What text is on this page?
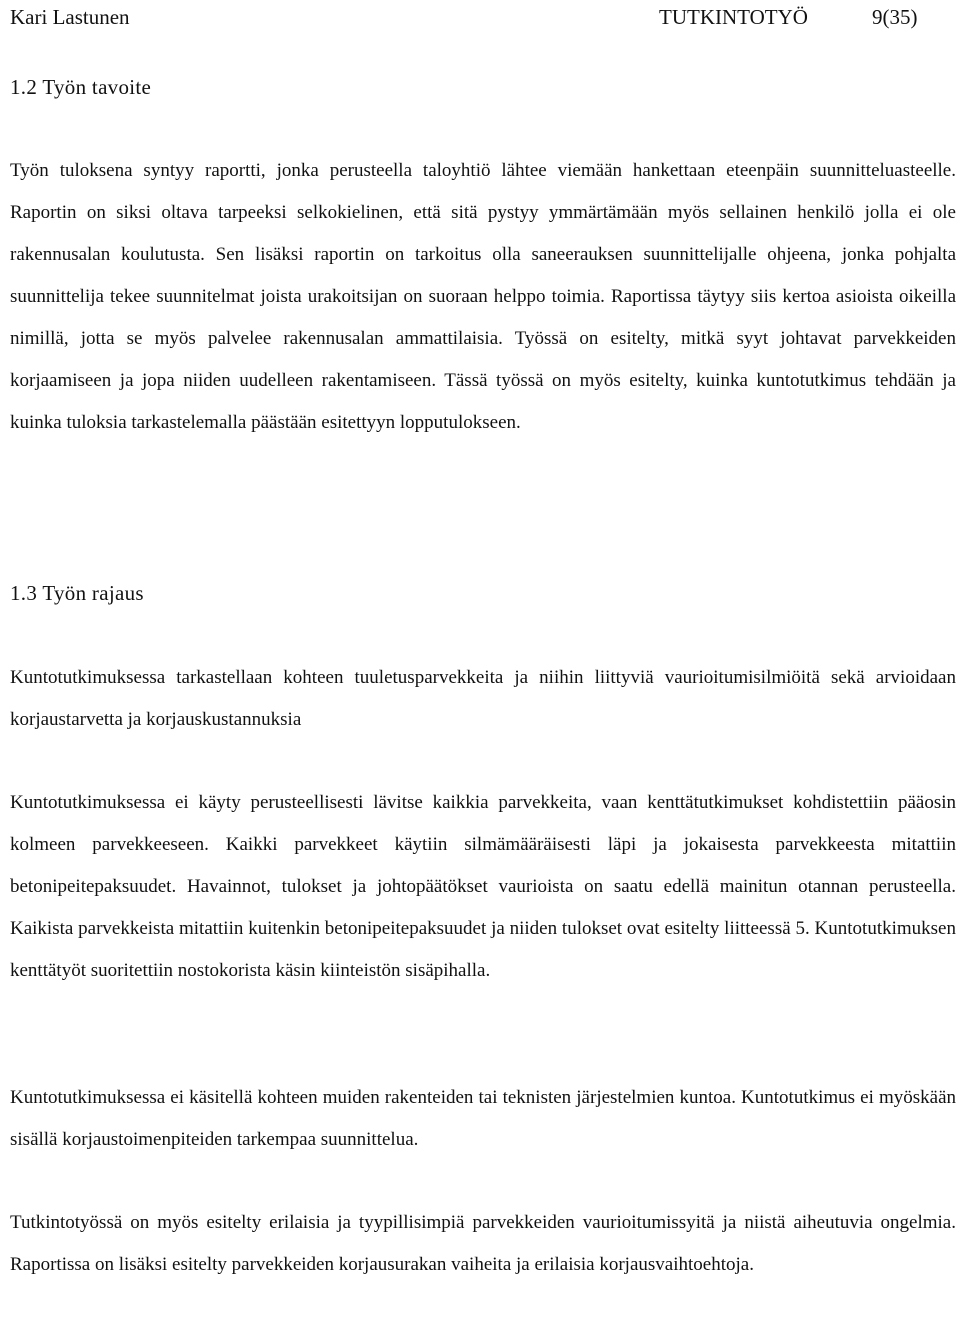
Kari Lastunen	TUTKINTOTYÖ	9(35)
1.2 Työn tavoite

Työn tuloksena syntyy raportti, jonka perusteella taloyhtiö lähtee viemään hankettaan eteenpäin suunnitteluasteelle. Raportin on siksi oltava tarpeeksi selkokielinen, että sitä pystyy ymmärtämään myös sellainen henkilö jolla ei ole rakennusalan koulutusta. Sen lisäksi raportin on tarkoitus olla saneerauksen suunnittelijalle ohjeena, jonka pohjalta suunnittelija tekee suunnitelmat joista urakoitsijan on suoraan helppo toimia. Raportissa täytyy siis kertoa asioista oikeilla nimillä, jotta se myös palvelee rakennusalan ammattilaisia. Työssä on esitelty, mitkä syyt johtavat parvekkeiden korjaamiseen ja jopa niiden uudelleen rakentamiseen. Tässä työssä on myös esitelty, kuinka kuntotutkimus tehdään ja kuinka tuloksia tarkastelemalla päästään esitettyyn lopputulokseen.

1.3 Työn rajaus

Kuntotutkimuksessa tarkastellaan kohteen tuuletusparvekkeita ja niihin liittyviä vaurioitumisilmiöitä sekä arvioidaan korjaustarvetta ja korjauskustannuksia

Kuntotutkimuksessa ei käyty perusteellisesti lävitse kaikkia parvekkeita, vaan kenttätutkimukset kohdistettiin pääosin kolmeen parvekkeeseen. Kaikki parvekkeet käytiin silmämääräisesti läpi ja jokaisesta parvekkeesta mitattiin betonipeitepaksuudet. Havainnot, tulokset ja johtopäätökset vaurioista on saatu edellä mainitun otannan perusteella. Kaikista parvekkeista mitattiin kuitenkin betonipeitepaksuudet ja niiden tulokset ovat esitelty liitteessä 5. Kuntotutkimuksen kenttätyöt suoritettiin nostokorista käsin kiinteistön sisäpihalla.

Kuntotutkimuksessa ei käsitellä kohteen muiden rakenteiden tai teknisten järjestelmien kuntoa. Kuntotutkimus ei myöskään sisällä korjaustoimenpiteiden tarkempaa suunnittelua.

Tutkintotyössä on myös esitelty erilaisia ja tyypillisimpiä parvekkeiden vaurioitumissyitä ja niistä aiheutuvia ongelmia. Raportissa on lisäksi esitelty parvekkeiden korjausurakan vaiheita ja erilaisia korjausvaihtoehtoja.
